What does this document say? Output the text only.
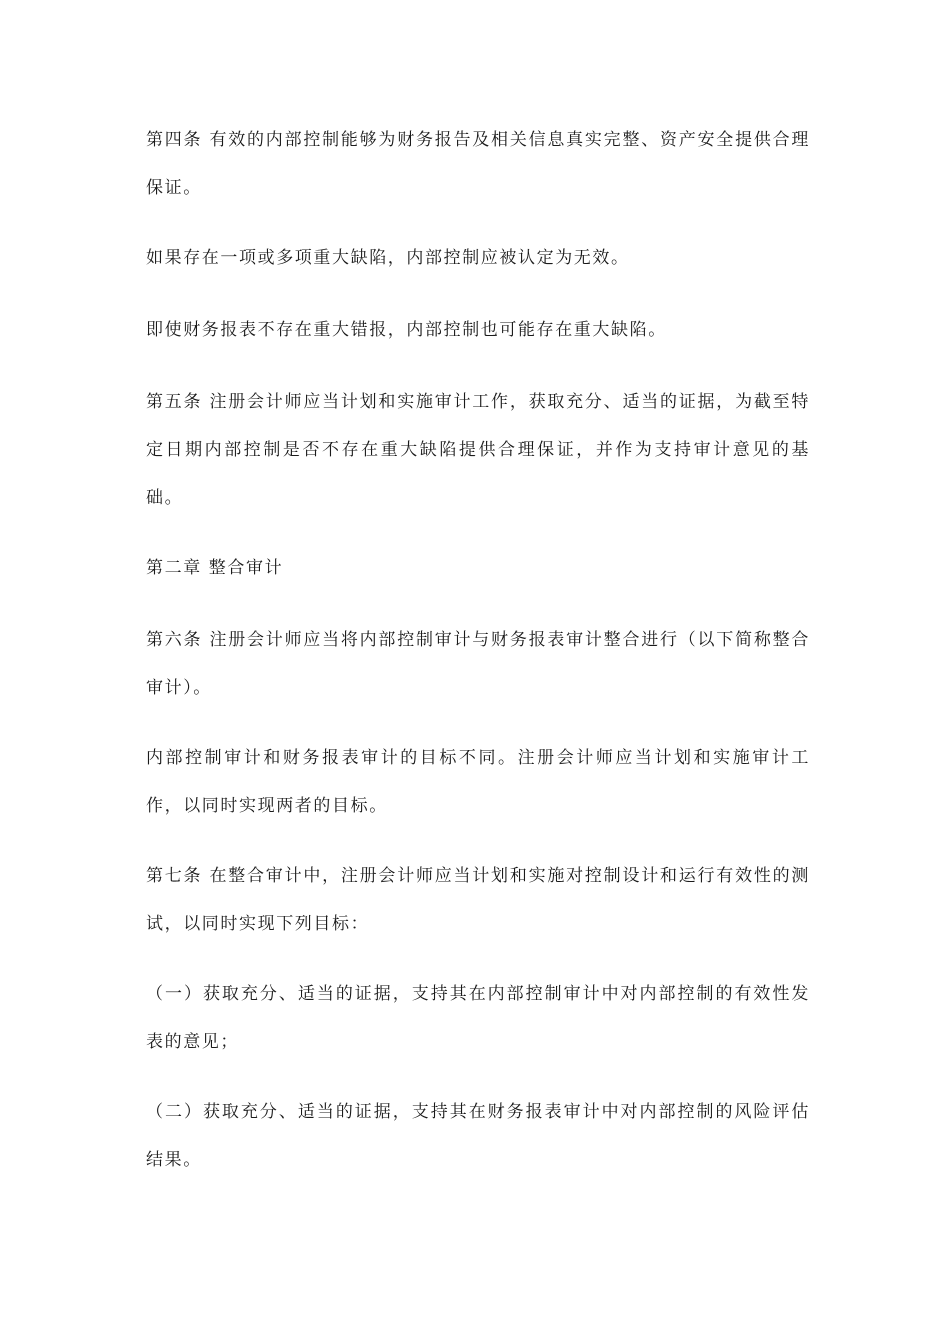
第四条 有效的内部控制能够为财务报告及相关信息真实完整、资产安全提供合理保证。

如果存在一项或多项重大缺陷，内部控制应被认定为无效。

即使财务报表不存在重大错报，内部控制也可能存在重大缺陷。

第五条 注册会计师应当计划和实施审计工作，获取充分、适当的证据，为截至特定日期内部控制是否不存在重大缺陷提供合理保证，并作为支持审计意见的基础。

第二章 整合审计

第六条 注册会计师应当将内部控制审计与财务报表审计整合进行（以下简称整合审计）。

内部控制审计和财务报表审计的目标不同。注册会计师应当计划和实施审计工作，以同时实现两者的目标。

第七条 在整合审计中，注册会计师应当计划和实施对控制设计和运行有效性的测试，以同时实现下列目标：

（一）获取充分、适当的证据，支持其在内部控制审计中对内部控制的有效性发表的意见；

（二）获取充分、适当的证据，支持其在财务报表审计中对内部控制的风险评估结果。
